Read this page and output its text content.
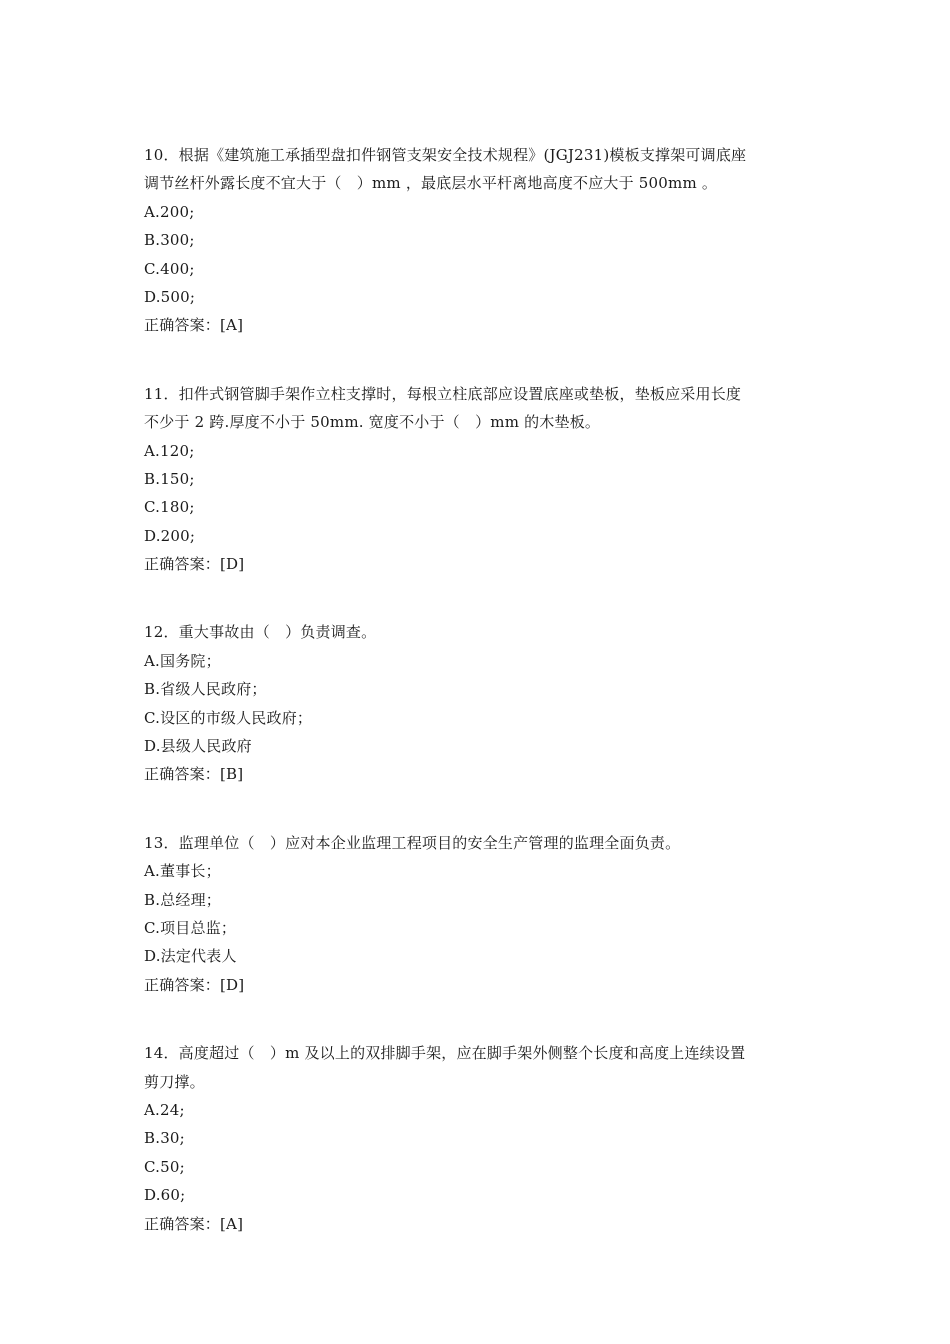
10．根据《建筑施工承插型盘扣件钢管支架安全技术规程》(JGJ231)模板支撑架可调底座
调节丝杆外露长度不宜大于（　）mm ，最底层水平杆离地高度不应大于 500mm 。
A.200;
B.300;
C.400;
D.500;
正确答案：[A]
11．扣件式钢管脚手架作立柱支撑时，每根立柱底部应设置底座或垫板，垫板应采用长度
不少于 2 跨.厚度不小于 50mm. 宽度不小于（　）mm 的木垫板。
A.120;
B.150;
C.180;
D.200;
正确答案：[D]
12．重大事故由（　）负责调查。
A.国务院；
B.省级人民政府；
C.设区的市级人民政府；
D.县级人民政府
正确答案：[B]
13．监理单位（　）应对本企业监理工程项目的安全生产管理的监理全面负责。
A.董事长；
B.总经理；
C.项目总监；
D.法定代表人
正确答案：[D]
14．高度超过（　）m 及以上的双排脚手架，应在脚手架外侧整个长度和高度上连续设置
剪刀撑。
A.24;
B.30;
C.50;
D.60;
正确答案：[A]
